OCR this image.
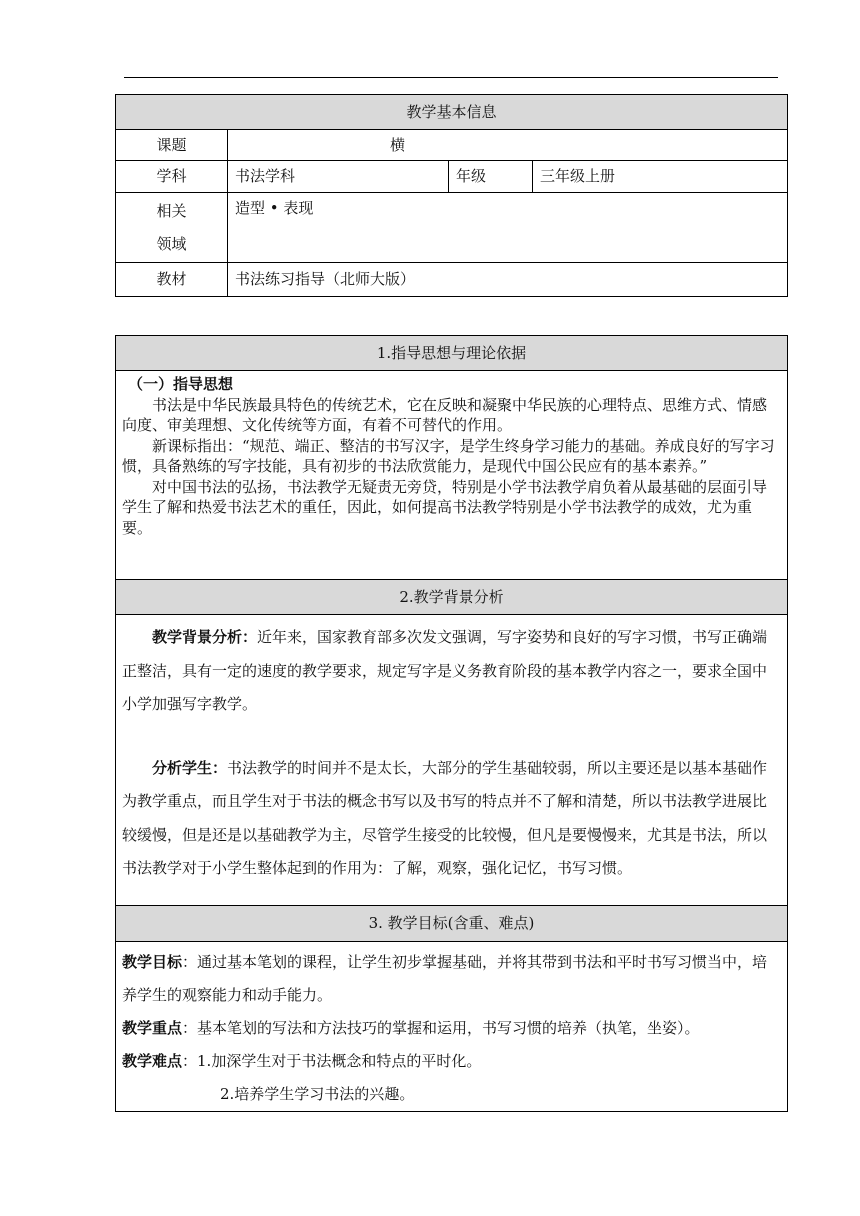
教学基本信息			
课题	横		
学科	书法学科	年级	三年级上册

相关
领域	造型 • 表现		
教材	书法练习指导（北师大版）		
1.指导思想与理论依据

（一）指导思想

书法是中华民族最具特色的传统艺术，它在反映和凝聚中华民族的心理特点、思维方式、情感向度、审美理想、文化传统等方面，有着不可替代的作用。

新课标指出：“规范、端正、整洁的书写汉字，是学生终身学习能力的基础。养成良好的写字习惯，具备熟练的写字技能，具有初步的书法欣赏能力，是现代中国公民应有的基本素养。”

对中国书法的弘扬，书法教学无疑责无旁贷，特别是小学书法教学肩负着从最基础的层面引导学生了解和热爱书法艺术的重任，因此，如何提高书法教学特别是小学书法教学的成效，尤为重要。

2.教学背景分析

教学背景分析：近年来，国家教育部多次发文强调，写字姿势和良好的写字习惯，书写正确端正整洁，具有一定的速度的教学要求，规定写字是义务教育阶段的基本教学内容之一，要求全国中小学加强写字教学。

分析学生：书法教学的时间并不是太长，大部分的学生基础较弱，所以主要还是以基本基础作为教学重点，而且学生对于书法的概念书写以及书写的特点并不了解和清楚，所以书法教学进展比较缓慢，但是还是以基础教学为主，尽管学生接受的比较慢，但凡是要慢慢来，尤其是书法，所以书法教学对于小学生整体起到的作用为：了解，观察，强化记忆，书写习惯。

3. 教学目标(含重、难点)

教学目标：通过基本笔划的课程，让学生初步掌握基础，并将其带到书法和平时书写习惯当中，培养学生的观察能力和动手能力。

教学重点：基本笔划的写法和方法技巧的掌握和运用，书写习惯的培养（执笔，坐姿）。

教学难点：1.加深学生对于书法概念和特点的平时化。

2.培养学生学习书法的兴趣。
